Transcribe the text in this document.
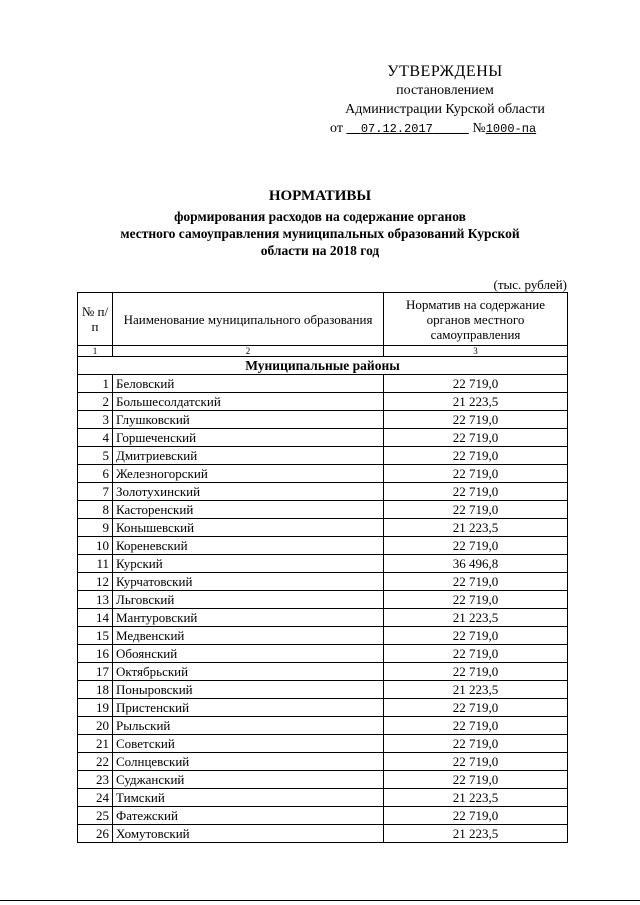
УТВЕРЖДЕНЫ
постановлением
Администрации Курской области
от 07.12.2017	№1000-па
НОРМАТИВЫ
формирования расходов на содержание органов
местного самоуправления муниципальных образований Курской
области на 2018 год
(тыс. рублей)
№ п/п	Наименование муниципального образования	Норматив на содержание органов местного самоуправления
1	2	3
Муниципальные районы		
1	Беловский	22 719,0
2	Большесолдатский	21 223,5
3	Глушковский	22 719,0
4	Горшеченский	22 719,0
5	Дмитриевский	22 719,0
6	Железногорский	22 719,0
7	Золотухинский	22 719,0
8	Касторенский	22 719,0
9	Конышевский	21 223,5
10	Кореневский	22 719,0
11	Курский	36 496,8
12	Курчатовский	22 719,0
13	Льговский	22 719,0
14	Мантуровский	21 223,5
15	Медвенский	22 719,0
16	Обоянский	22 719,0
17	Октябрьский	22 719,0
18	Поныровский	21 223,5
19	Пристенский	22 719,0
20	Рыльский	22 719,0
21	Советский	22 719,0
22	Солнцевский	22 719,0
23	Суджанский	22 719,0
24	Тимский	21 223,5
25	Фатежский	22 719,0
26	Хомутовский	21 223,5
